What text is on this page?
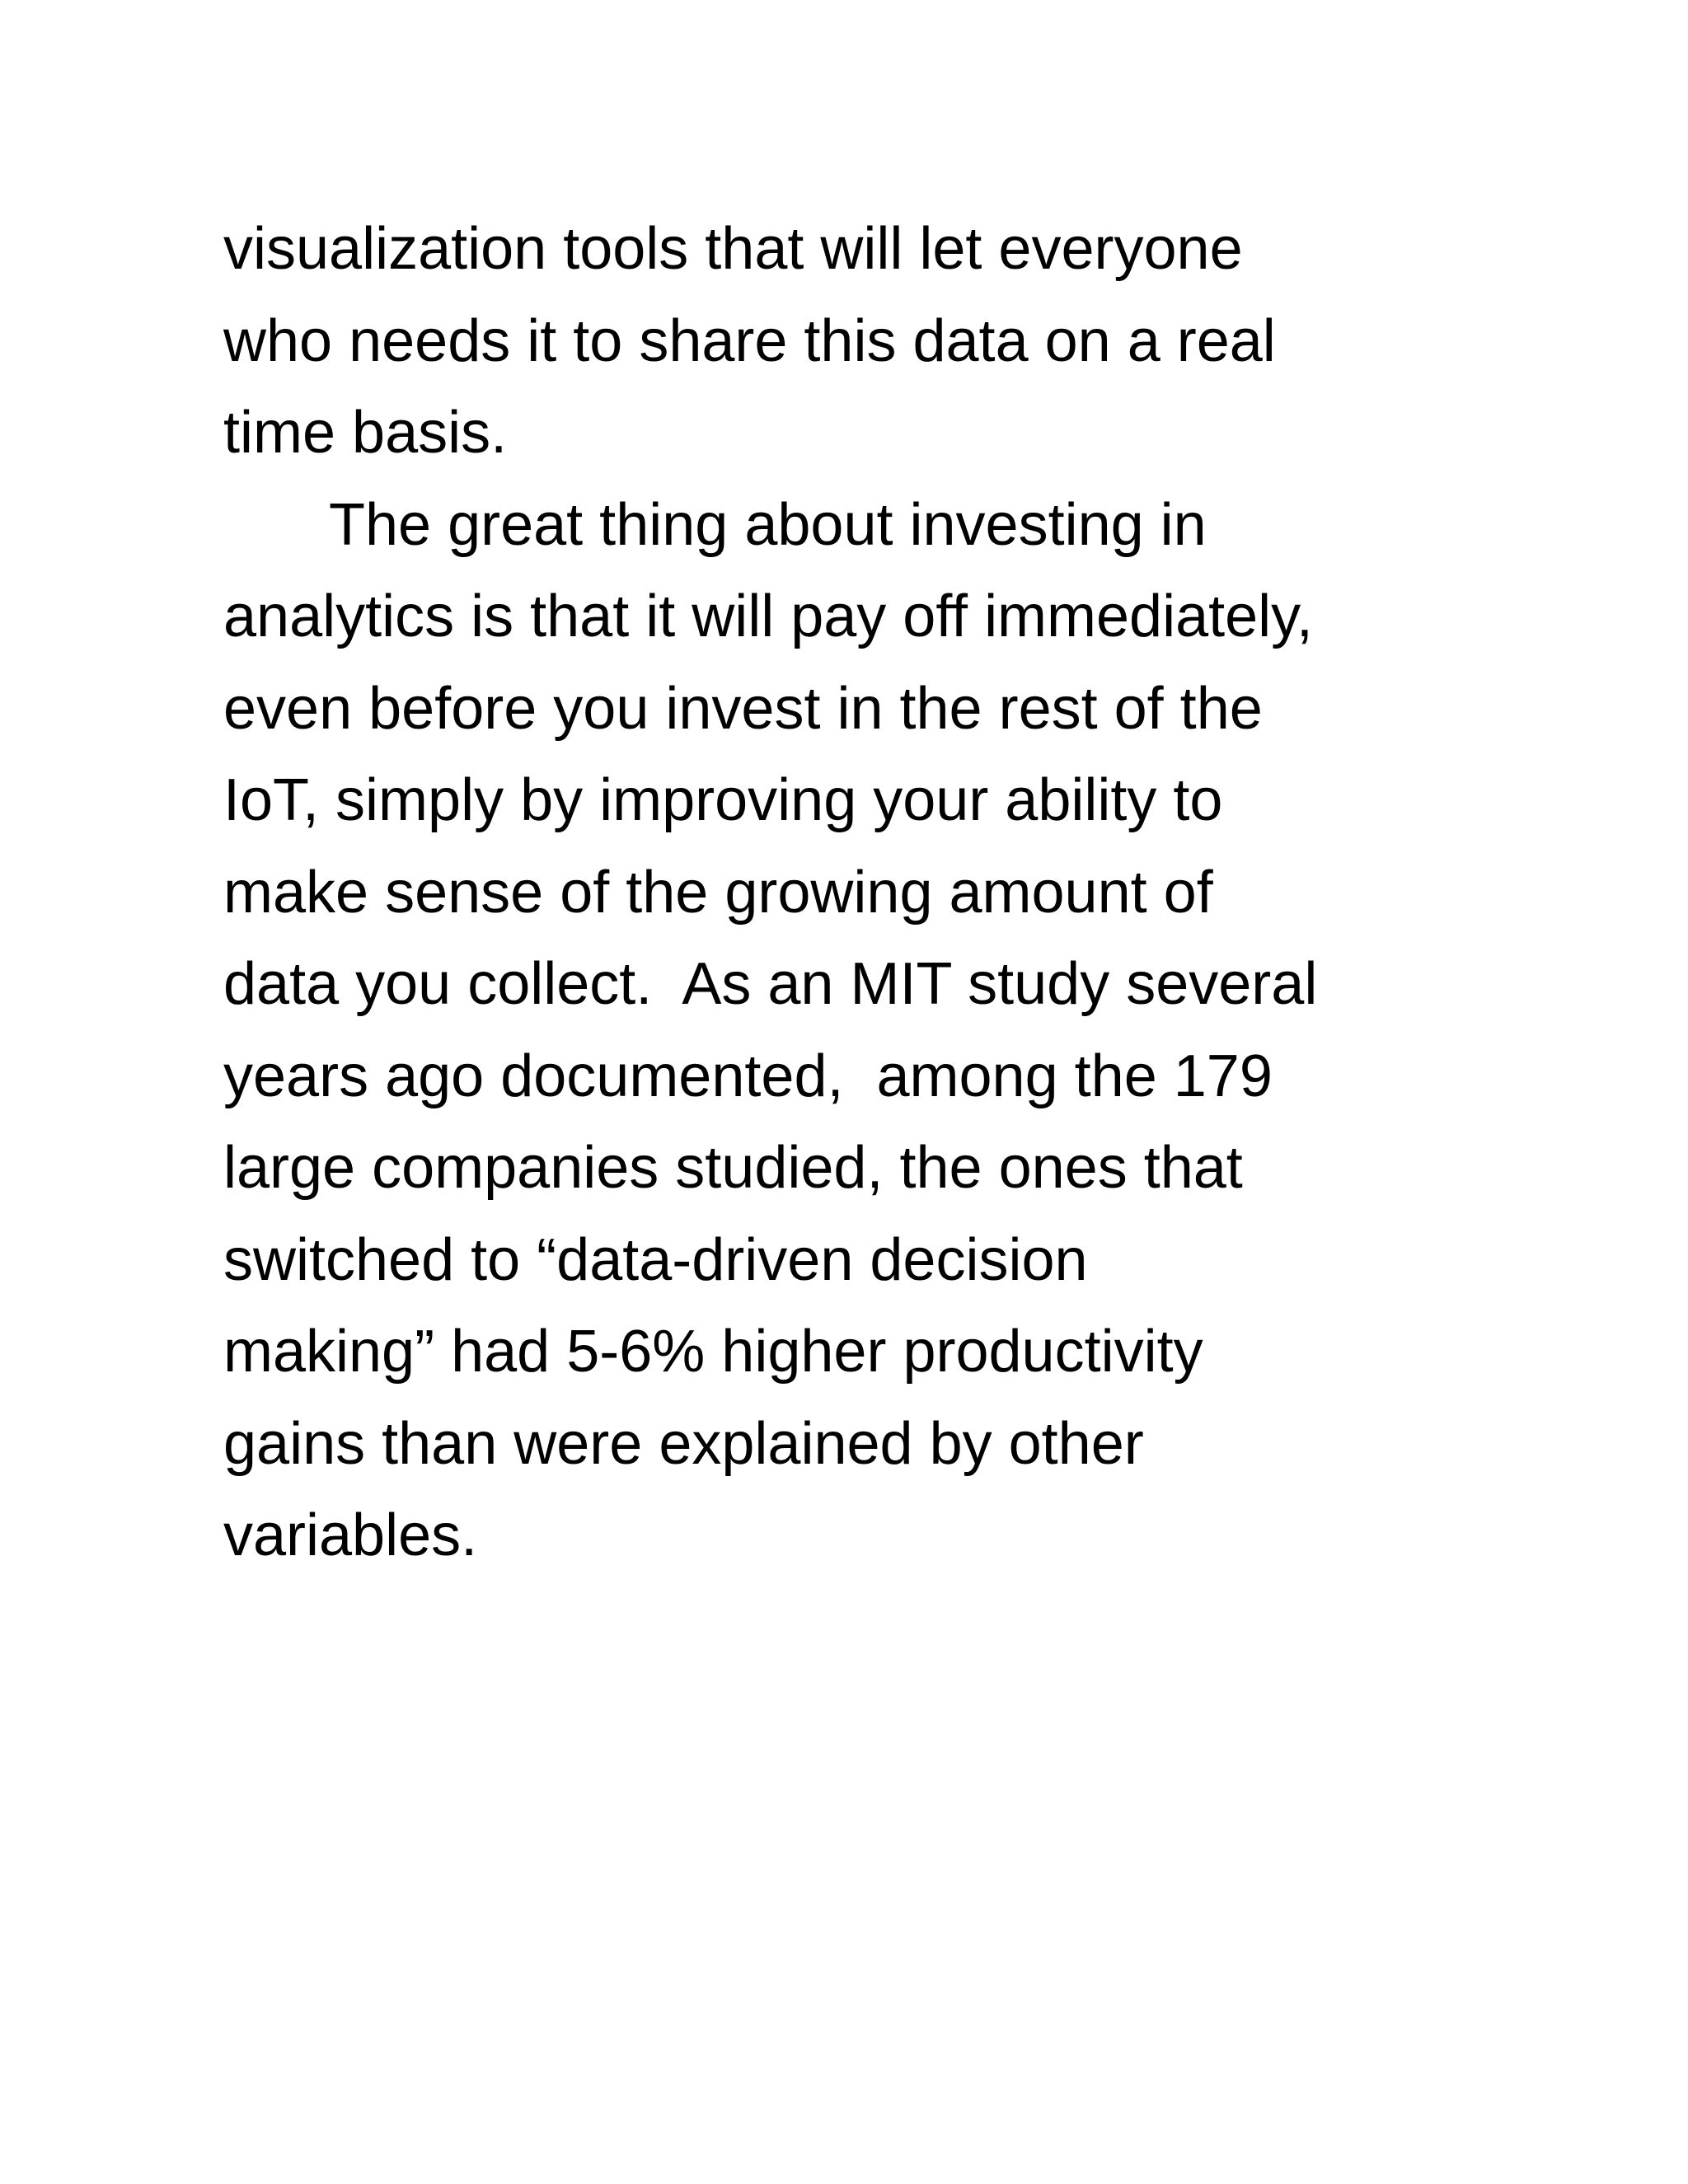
visualization tools that will let everyone
who needs it to share this data on a real
time basis.
The great thing about investing in
analytics is that it will pay off immediately,
even before you invest in the rest of the
IoT, simply by improving your ability to
make sense of the growing amount of
data you collect.  As an MIT study several
years ago documented,  among the 179
large companies studied, the ones that
switched to “data-driven decision
making” had 5-6% higher productivity
gains than were explained by other
variables.
